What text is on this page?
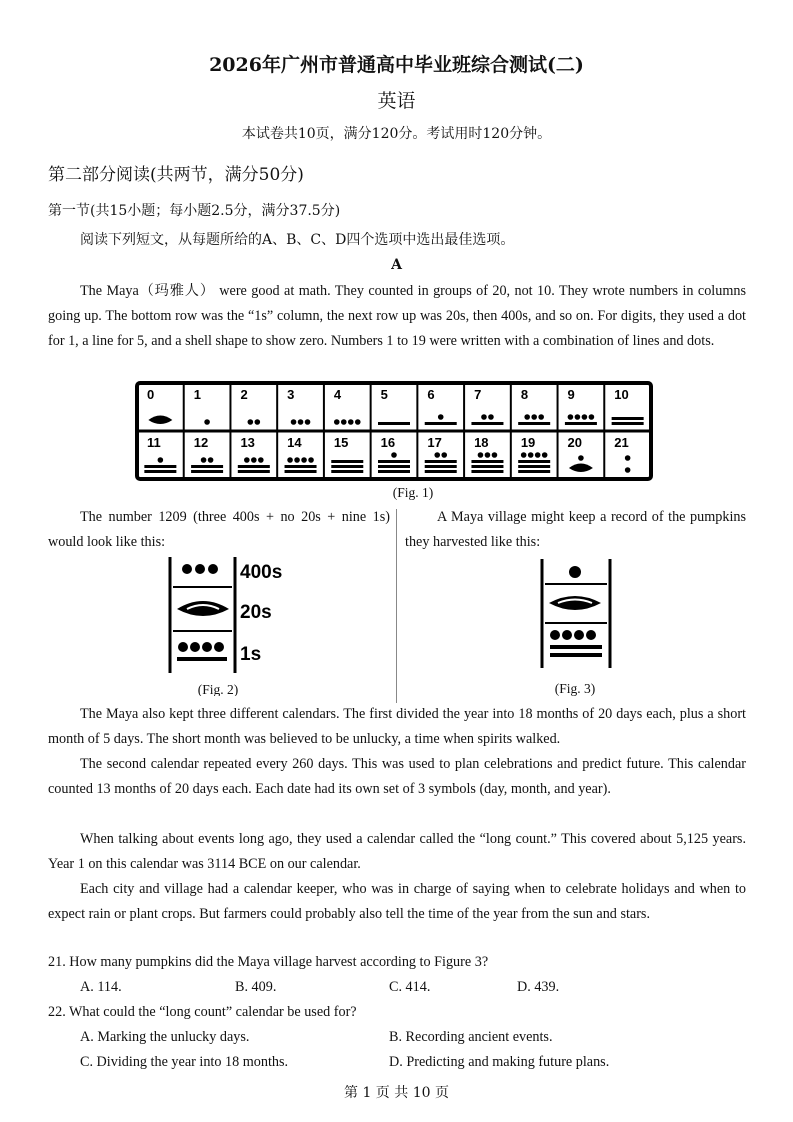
2026年广州市普通高中毕业班综合测试(二)
英语
本试卷共10页，满分120分。考试用时120分钟。
第二部分阅读(共两节，满分50分)
第一节(共15小题；每小题2.5分，满分37.5分)
阅读下列短文，从每题所给的A、B、C、D四个选项中选出最佳选项。
A
The Maya（玛雅人） were good at math. They counted in groups of 20, not 10. They wrote numbers in columns going up. The bottom row was the “1s” column, the next row up was 20s, then 400s, and so on. For digits, they used a dot for 1, a line for 5, and a shell shape to show zero. Numbers 1 to 19 were written with a combination of lines and dots.
0	1	2	3	4	5	6	7	8	9	10
11	12 13 14 15 16 17 18 19 20 21
(Fig. 1)
The number 1209 (three 400s + no 20s + nine 1s) would look like this:
A Maya village might keep a record of the pumpkins they harvested like this:
400s
20s
1s
(Fig. 2)	(Fig. 3)
The Maya also kept three different calendars. The first divided the year into 18 months of 20 days each, plus a short month of 5 days. The short month was believed to be unlucky, a time when spirits walked.
The second calendar repeated every 260 days. This was used to plan celebrations and predict future. This calendar counted 13 months of 20 days each. Each date had its own set of 3 symbols (day, month, and year).
When talking about events long ago, they used a calendar called the “long count.” This covered about 5,125 years. Year 1 on this calendar was 3114 BCE on our calendar.
Each city and village had a calendar keeper, who was in charge of saying when to celebrate holidays and when to expect rain or plant crops. But farmers could probably also tell the time of the year from the sun and stars.
21. How many pumpkins did the Maya village harvest according to Figure 3?
A. 114.	B. 409.	C. 414.	D. 439.
22. What could the “long count” calendar be used for?
A. Marking the unlucky days.	B. Recording ancient events.
C. Dividing the year into 18 months.	D. Predicting and making future plans.
第 1 页 共 10 页
